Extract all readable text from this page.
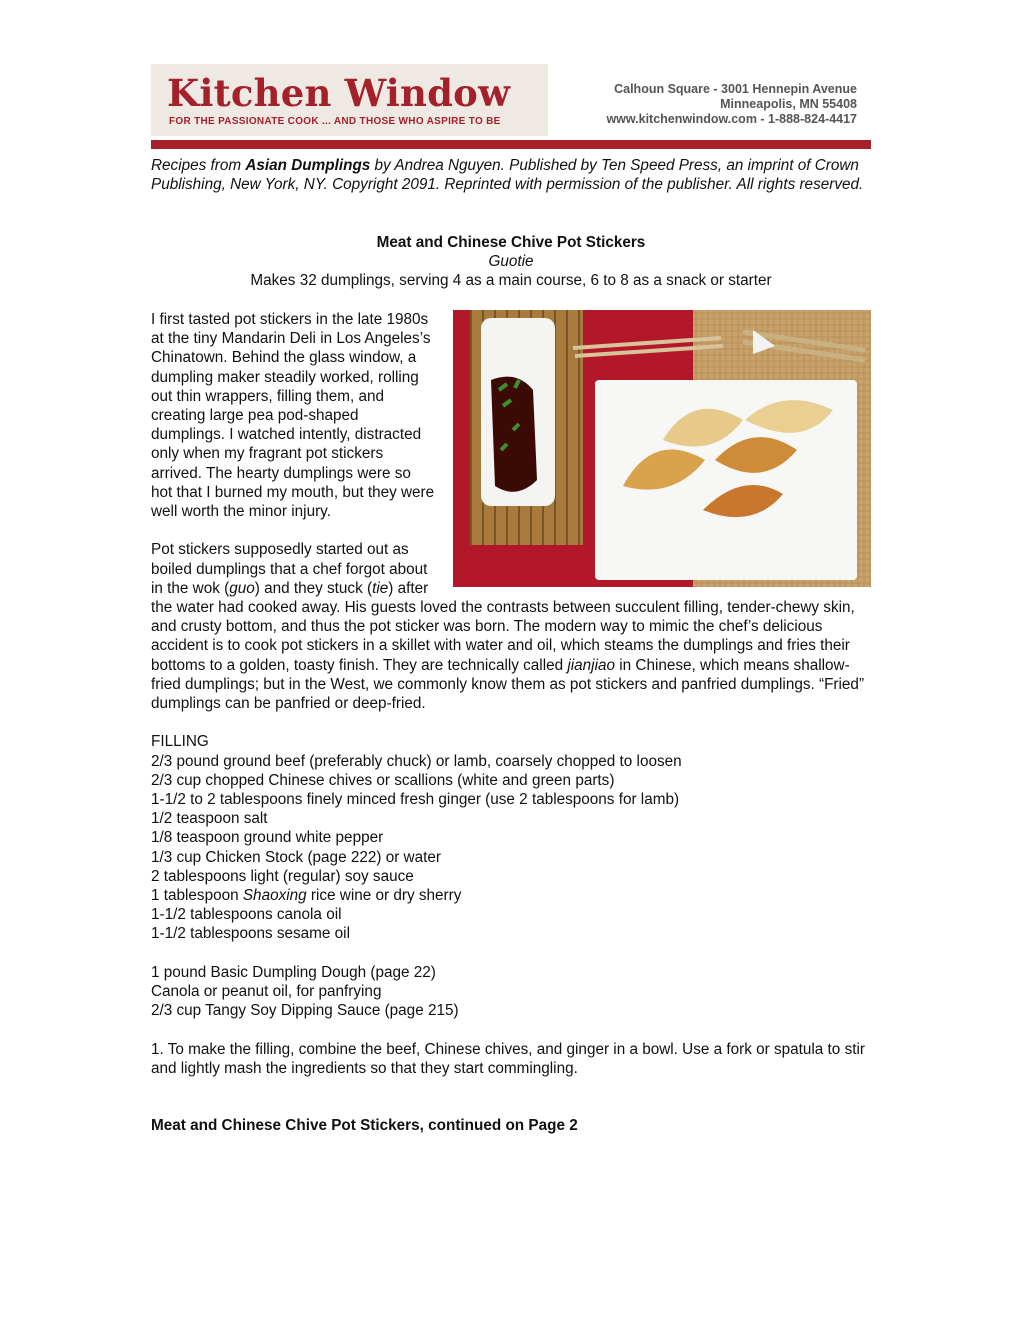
Kitchen Window
FOR THE PASSIONATE COOK ... AND THOSE WHO ASPIRE TO BE
Calhoun Square - 3001 Hennepin Avenue
Minneapolis, MN 55408
www.kitchenwindow.com - 1-888-824-4417
Recipes from Asian Dumplings by Andrea Nguyen. Published by Ten Speed Press, an imprint of Crown Publishing, New York, NY. Copyright 2091. Reprinted with permission of the publisher. All rights reserved.
Meat and Chinese Chive Pot Stickers
Guotie
Makes 32 dumplings, serving 4 as a main course, 6 to 8 as a snack or starter

I first tasted pot stickers in the late 1980s at the tiny Mandarin Deli in Los Angeles’s Chinatown. Behind the glass window, a dumpling maker steadily worked, rolling out thin wrappers, filling them, and creating large pea pod-shaped dumplings. I watched intently, distracted only when my fragrant pot stickers arrived. The hearty dumplings were so hot that I burned my mouth, but they were well worth the minor injury.

Pot stickers supposedly started out as boiled dumplings that a chef forgot about in the wok (guo) and they stuck (tie) after the water had cooked away. His guests loved the contrasts between succulent filling, tender-chewy skin, and crusty bottom, and thus the pot sticker was born. The modern way to mimic the chef’s delicious accident is to cook pot stickers in a skillet with water and oil, which steams the dumplings and fries their bottoms to a golden, toasty finish. They are technically called jianjiao in Chinese, which means shallow-fried dumplings; but in the West, we commonly know them as pot stickers and panfried dumplings. “Fried” dumplings can be panfried or deep-fried.

FILLING
2/3 pound ground beef (preferably chuck) or lamb, coarsely chopped to loosen
2/3 cup chopped Chinese chives or scallions (white and green parts)
1-1/2 to 2 tablespoons finely minced fresh ginger (use 2 tablespoons for lamb)
1/2 teaspoon salt
1/8 teaspoon ground white pepper
1/3 cup Chicken Stock (page 222) or water
2 tablespoons light (regular) soy sauce
1 tablespoon Shaoxing rice wine or dry sherry
1-1/2 tablespoons canola oil
1-1/2 tablespoons sesame oil

1 pound Basic Dumpling Dough (page 22)
Canola or peanut oil, for panfrying
2/3 cup Tangy Soy Dipping Sauce (page 215)

1. To make the filling, combine the beef, Chinese chives, and ginger in a bowl. Use a fork or spatula to stir and lightly mash the ingredients so that they start commingling.

Meat and Chinese Chive Pot Stickers, continued on Page 2
